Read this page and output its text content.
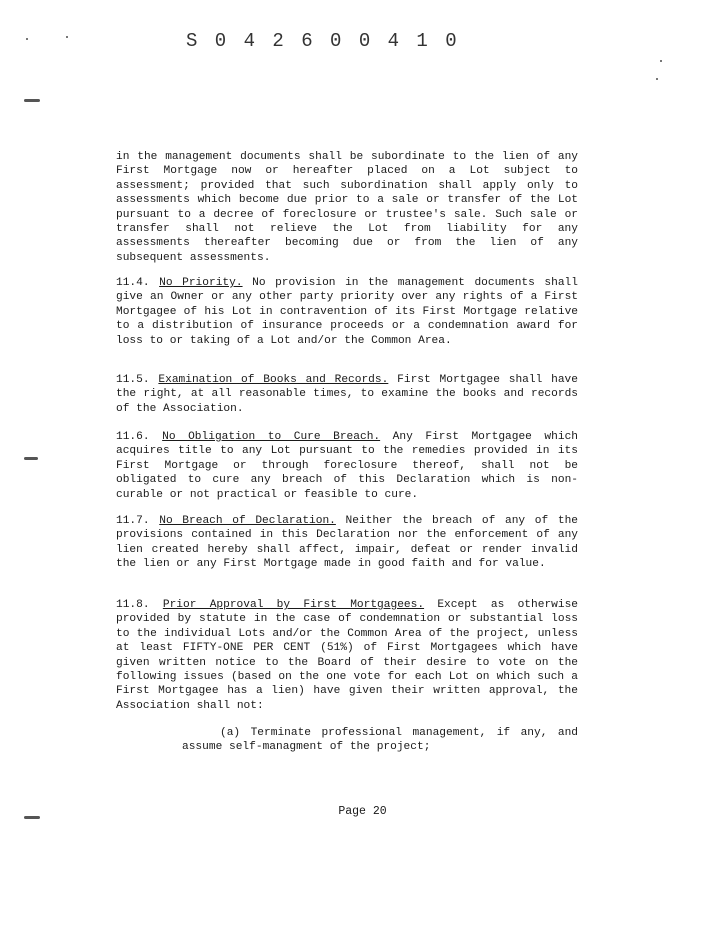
S 0 4 2 6 0 0 4 1 0
in the management documents shall be subordinate to the lien of any First Mortgage now or hereafter placed on a Lot subject to assessment; provided that such subordination shall apply only to assessments which become due prior to a sale or transfer of the Lot pursuant to a decree of foreclosure or trustee's sale. Such sale or transfer shall not relieve the Lot from liability for any assessments thereafter becoming due or from the lien of any subsequent assessments.
11.4. No Priority. No provision in the management documents shall give an Owner or any other party priority over any rights of a First Mortgagee of his Lot in contravention of its First Mortgage relative to a distribution of insurance proceeds or a condemnation award for loss to or taking of a Lot and/or the Common Area.
11.5. Examination of Books and Records. First Mortgagee shall have the right, at all reasonable times, to examine the books and records of the Association.
11.6. No Obligation to Cure Breach. Any First Mortgagee which acquires title to any Lot pursuant to the remedies provided in its First Mortgage or through foreclosure thereof, shall not be obligated to cure any breach of this Declaration which is non-curable or not practical or feasible to cure.
11.7. No Breach of Declaration. Neither the breach of any of the provisions contained in this Declaration nor the enforcement of any lien created hereby shall affect, impair, defeat or render invalid the lien or any First Mortgage made in good faith and for value.
11.8. Prior Approval by First Mortgagees. Except as otherwise provided by statute in the case of condemnation or substantial loss to the individual Lots and/or the Common Area of the project, unless at least FIFTY-ONE PER CENT (51%) of First Mortgagees which have given written notice to the Board of their desire to vote on the following issues (based on the one vote for each Lot on which such a First Mortgagee has a lien) have given their written approval, the Association shall not:
(a) Terminate professional management, if any, and assume self-managment of the project;
Page 20
